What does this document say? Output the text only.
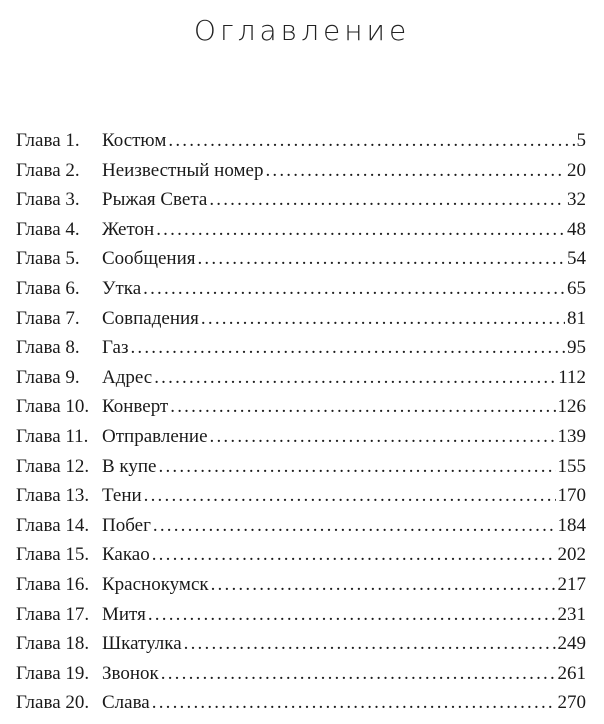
Оглавление
Глава 1.	Костюм .....	5
Глава 2.	Неизвестный номер .....	20
Глава 3.	Рыжая Света .....	32
Глава 4.	Жетон .....	48
Глава 5.	Сообщения .....	54
Глава 6.	Утка .....	65
Глава 7.	Совпадения .....	81
Глава 8.	Газ .....	95
Глава 9.	Адрес .....	112
Глава 10. Конверт .....	126
Глава 11. Отправление .....	139
Глава 12. В купе .....	155
Глава 13. Тени .....	170
Глава 14. Побег .....	184
Глава 15. Какао .....	202
Глава 16. Краснокумск .....	217
Глава 17. Митя .....	231
Глава 18. Шкатулка .....	249
Глава 19. Звонок .....	261
Глава 20. Слава .....	270
